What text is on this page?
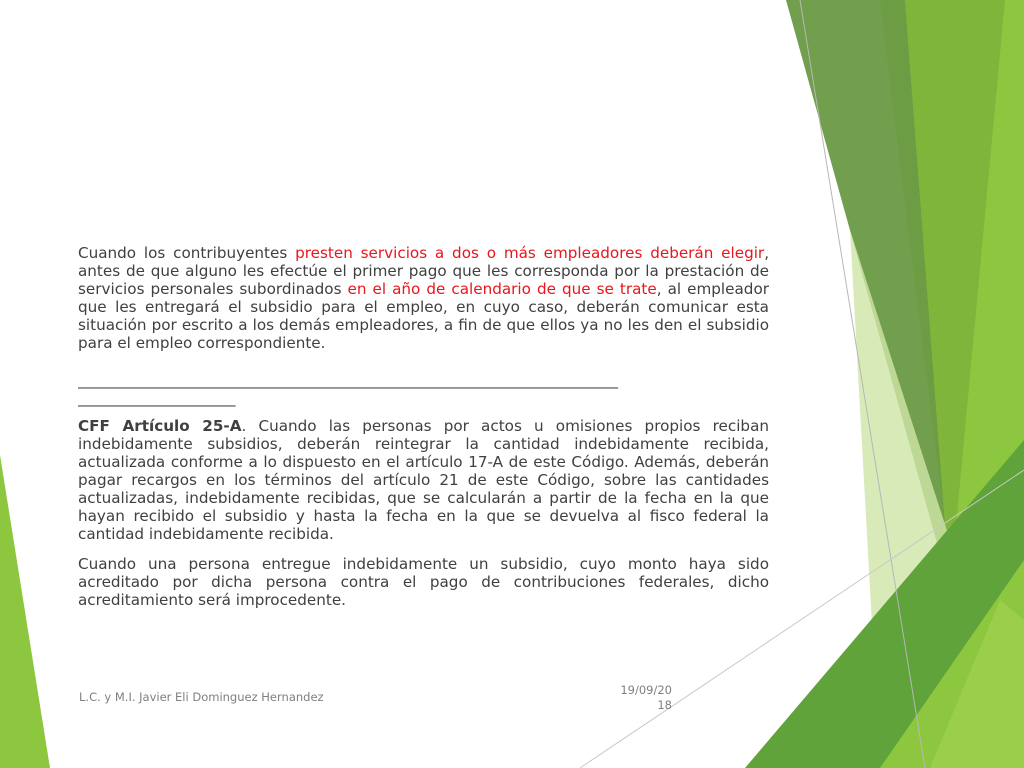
Cuando los contribuyentes presten servicios a dos o más empleadores deberán elegir, antes de que alguno les efectúe el primer pago que les corresponda por la prestación de servicios personales subordinados en el año de calendario de que se trate, al empleador que les entregará el subsidio para el empleo, en cuyo caso, deberán comunicar esta situación por escrito a los demás empleadores, a fin de que ellos ya no les den el subsidio para el empleo correspondiente.

________________________________________________________________________
_____________________

CFF Artículo 25-A. Cuando las personas por actos u omisiones propios reciban indebidamente subsidios, deberán reintegrar la cantidad indebidamente recibida, actualizada conforme a lo dispuesto en el artículo 17-A de este Código. Además, deberán pagar recargos en los términos del artículo 21 de este Código, sobre las cantidades actualizadas, indebidamente recibidas, que se calcularán a partir de la fecha en la que hayan recibido el subsidio y hasta la fecha en la que se devuelva al fisco federal la cantidad indebidamente recibida.

Cuando una persona entregue indebidamente un subsidio, cuyo monto haya sido acreditado por dicha persona contra el pago de contribuciones federales, dicho acreditamiento será improcedente.

L.C. y M.I. Javier Eli Dominguez Hernandez	19/09/2018
